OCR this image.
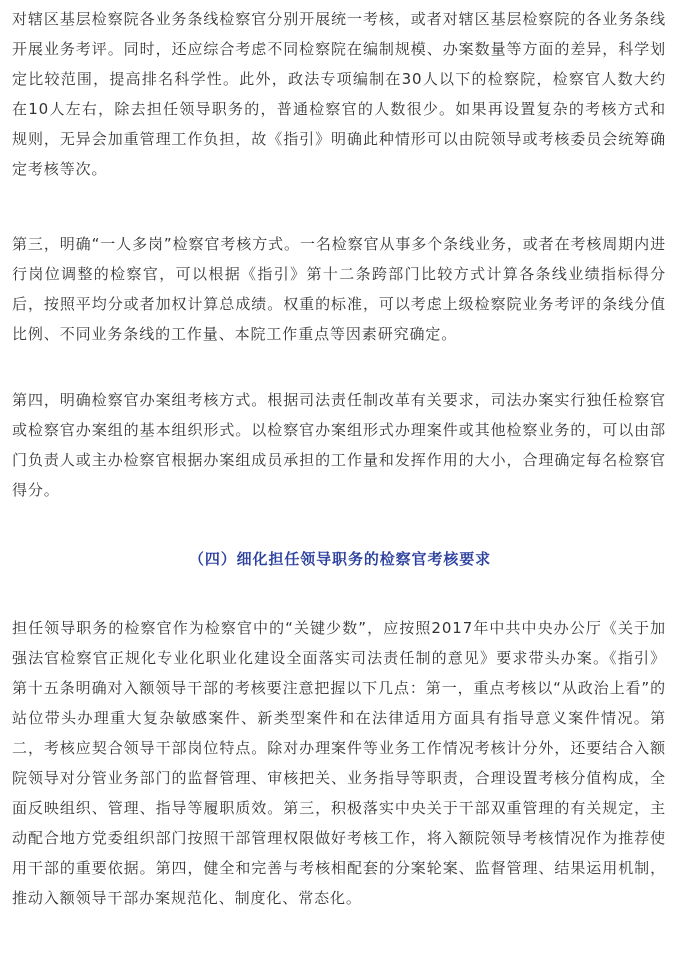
对辖区基层检察院各业务条线检察官分别开展统一考核，或者对辖区基层检察院的各业务条线开展业务考评。同时，还应综合考虑不同检察院在编制规模、办案数量等方面的差异，科学划定比较范围，提高排名科学性。此外，政法专项编制在30人以下的检察院，检察官人数大约在10人左右，除去担任领导职务的，普通检察官的人数很少。如果再设置复杂的考核方式和规则，无异会加重管理工作负担，故《指引》明确此种情形可以由院领导或考核委员会统筹确定考核等次。

第三，明确“一人多岗”检察官考核方式。一名检察官从事多个条线业务，或者在考核周期内进行岗位调整的检察官，可以根据《指引》第十二条跨部门比较方式计算各条线业绩指标得分后，按照平均分或者加权计算总成绩。权重的标准，可以考虑上级检察院业务考评的条线分值比例、不同业务条线的工作量、本院工作重点等因素研究确定。

第四，明确检察官办案组考核方式。根据司法责任制改革有关要求，司法办案实行独任检察官或检察官办案组的基本组织形式。以检察官办案组形式办理案件或其他检察业务的，可以由部门负责人或主办检察官根据办案组成员承担的工作量和发挥作用的大小，合理确定每名检察官得分。

（四）细化担任领导职务的检察官考核要求

担任领导职务的检察官作为检察官中的“关键少数”，应按照2017年中共中央办公厅《关于加强法官检察官正规化专业化职业化建设全面落实司法责任制的意见》要求带头办案。《指引》第十五条明确对入额领导干部的考核要注意把握以下几点：第一，重点考核以“从政治上看”的站位带头办理重大复杂敏感案件、新类型案件和在法律适用方面具有指导意义案件情况。第二，考核应契合领导干部岗位特点。除对办理案件等业务工作情况考核计分外，还要结合入额院领导对分管业务部门的监督管理、审核把关、业务指导等职责，合理设置考核分值构成，全面反映组织、管理、指导等履职质效。第三，积极落实中央关于干部双重管理的有关规定，主动配合地方党委组织部门按照干部管理权限做好考核工作，将入额院领导考核情况作为推荐使用干部的重要依据。第四，健全和完善与考核相配套的分案轮案、监督管理、结果运用机制，推动入额领导干部办案规范化、制度化、常态化。
